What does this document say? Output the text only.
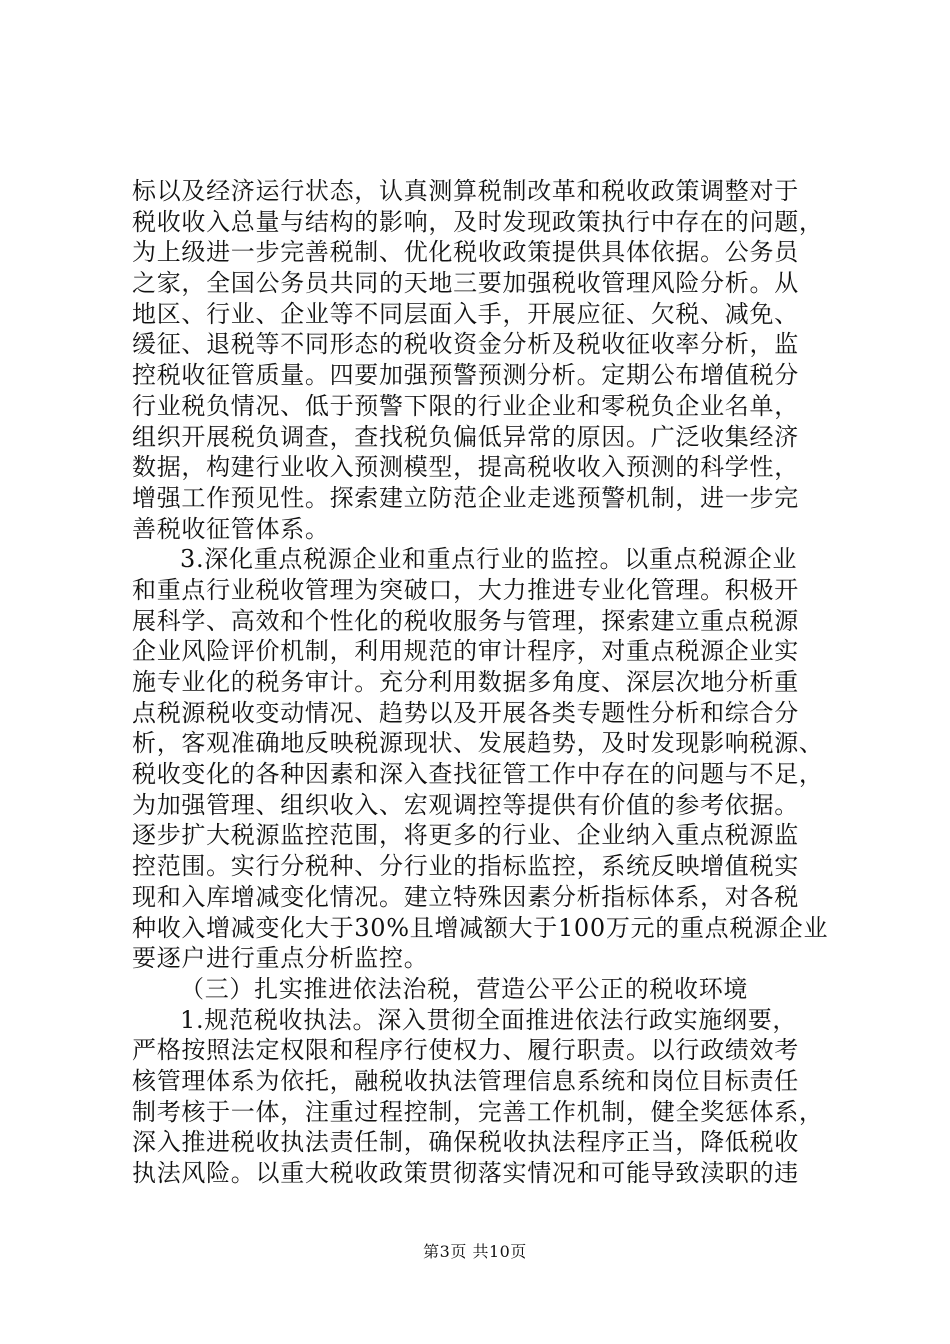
标以及经济运行状态，认真测算税制改革和税收政策调整对于
税收收入总量与结构的影响，及时发现政策执行中存在的问题，
为上级进一步完善税制、优化税收政策提供具体依据。公务员
之家，全国公务员共同的天地三要加强税收管理风险分析。从
地区、行业、企业等不同层面入手，开展应征、欠税、减免、
缓征、退税等不同形态的税收资金分析及税收征收率分析，监
控税收征管质量。四要加强预警预测分析。定期公布增值税分
行业税负情况、低于预警下限的行业企业和零税负企业名单，
组织开展税负调查，查找税负偏低异常的原因。广泛收集经济
数据，构建行业收入预测模型，提高税收收入预测的科学性，
增强工作预见性。探索建立防范企业走逃预警机制，进一步完
善税收征管体系。
3.深化重点税源企业和重点行业的监控。以重点税源企业
和重点行业税收管理为突破口，大力推进专业化管理。积极开
展科学、高效和个性化的税收服务与管理，探索建立重点税源
企业风险评价机制，利用规范的审计程序，对重点税源企业实
施专业化的税务审计。充分利用数据多角度、深层次地分析重
点税源税收变动情况、趋势以及开展各类专题性分析和综合分
析，客观准确地反映税源现状、发展趋势，及时发现影响税源、
税收变化的各种因素和深入查找征管工作中存在的问题与不足，
为加强管理、组织收入、宏观调控等提供有价值的参考依据。
逐步扩大税源监控范围，将更多的行业、企业纳入重点税源监
控范围。实行分税种、分行业的指标监控，系统反映增值税实
现和入库增减变化情况。建立特殊因素分析指标体系，对各税
种收入增减变化大于30%且增减额大于100万元的重点税源企业
要逐户进行重点分析监控。
（三）扎实推进依法治税，营造公平公正的税收环境
1.规范税收执法。深入贯彻全面推进依法行政实施纲要，
严格按照法定权限和程序行使权力、履行职责。以行政绩效考
核管理体系为依托，融税收执法管理信息系统和岗位目标责任
制考核于一体，注重过程控制，完善工作机制，健全奖惩体系，
深入推进税收执法责任制，确保税收执法程序正当，降低税收
执法风险。以重大税收政策贯彻落实情况和可能导致渎职的违
第3页 共10页
